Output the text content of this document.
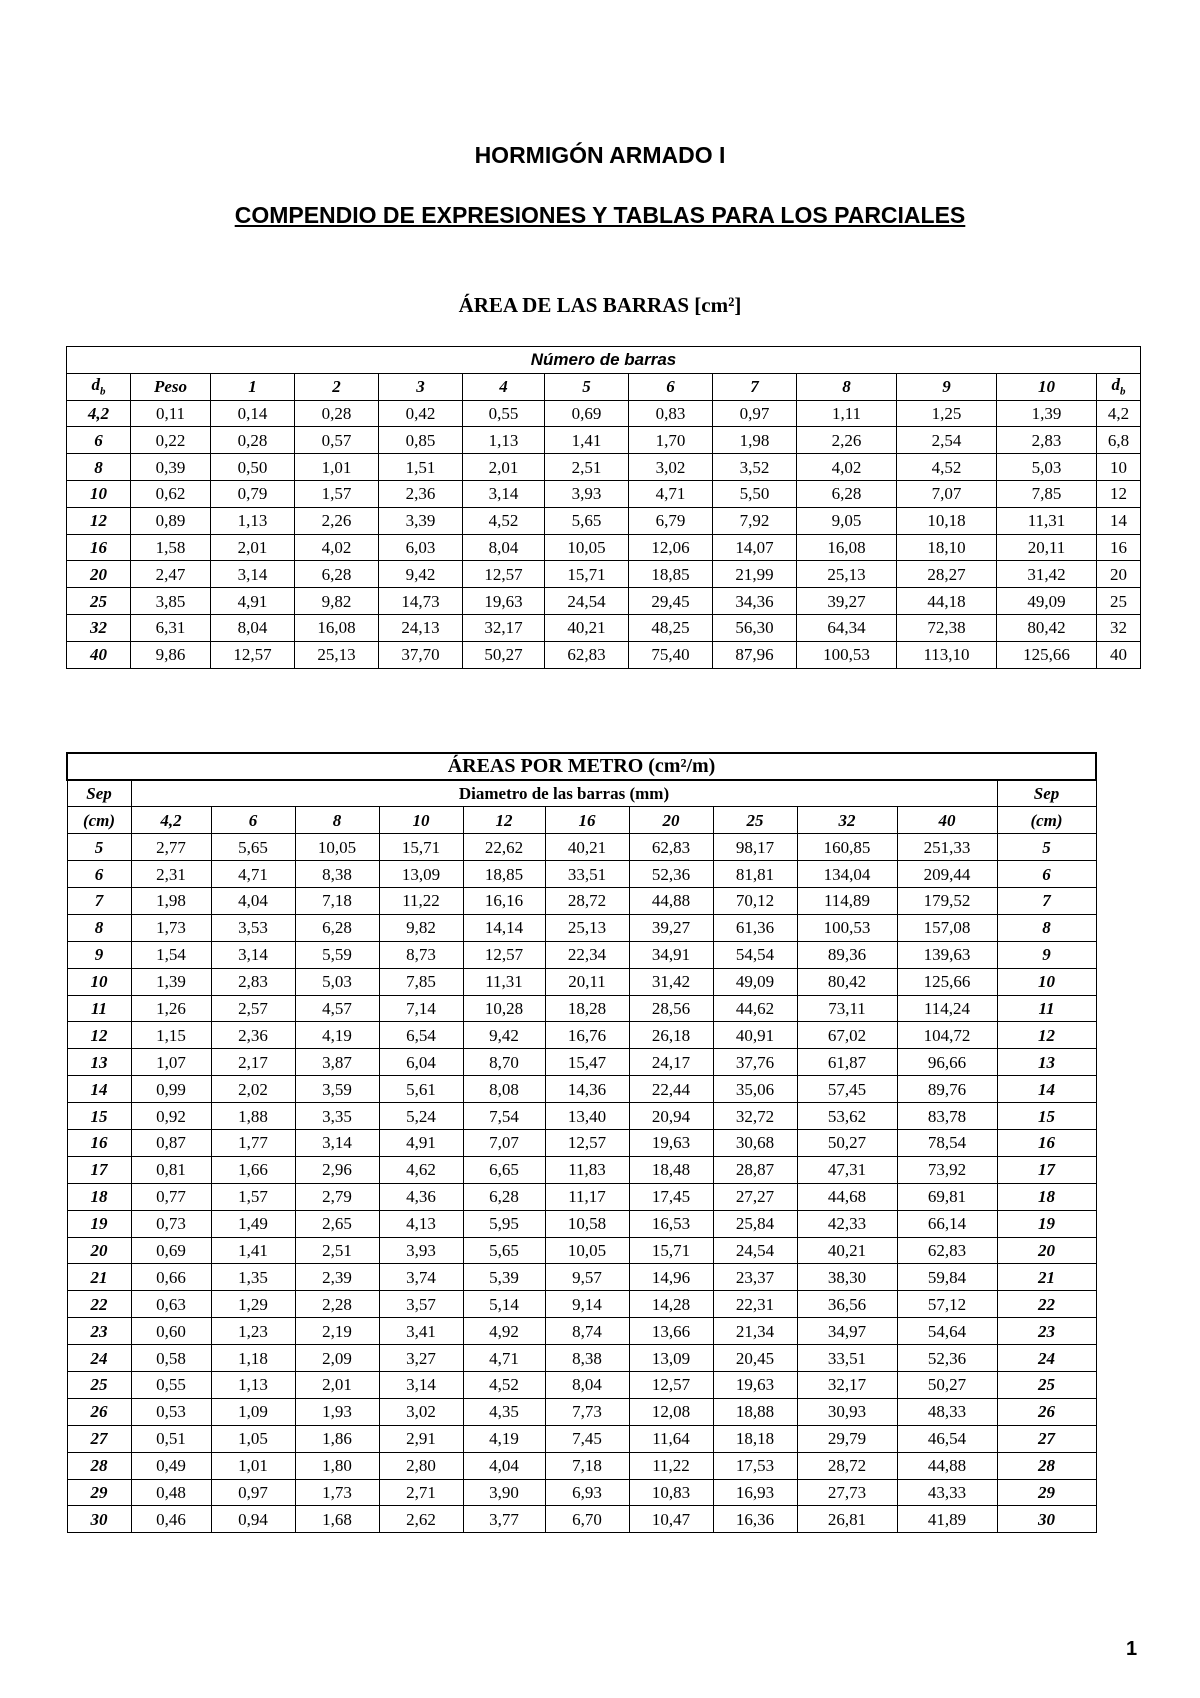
HORMIGÓN ARMADO I
COMPENDIO DE EXPRESIONES Y TABLAS PARA LOS PARCIALES
ÁREA DE LAS BARRAS [cm²]
Número de barras												
$d_b$	Peso	1	2	3	4	5	6	7	8	9	10	$d_b$
4,2	0,11	0,14	0,28	0,42	0,55	0,69	0,83	0,97	1,11	1,25	1,39	4,2
6	0,22	0,28	0,57	0,85	1,13	1,41	1,70	1,98	2,26	2,54	2,83	6,8
8	0,39	0,50	1,01	1,51	2,01	2,51	3,02	3,52	4,02	4,52	5,03	10
10	0,62	0,79	1,57	2,36	3,14	3,93	4,71	5,50	6,28	7,07	7,85	12
12	0,89	1,13	2,26	3,39	4,52	5,65	6,79	7,92	9,05	10,18	11,31	14
16	1,58	2,01	4,02	6,03	8,04	10,05	12,06	14,07	16,08	18,10	20,11	16
20	2,47	3,14	6,28	9,42	12,57	15,71	18,85	21,99	25,13	28,27	31,42	20
25	3,85	4,91	9,82	14,73	19,63	24,54	29,45	34,36	39,27	44,18	49,09	25
32	6,31	8,04	16,08	24,13	32,17	40,21	48,25	56,30	64,34	72,38	80,42	32
40	9,86	12,57	25,13	37,70	50,27	62,83	75,40	87,96	100,53	113,10	125,66	40
ÁREAS POR METRO (cm²/m)											
Sep	Diametro de las barras (mm)										Sep
(cm)	4,2	6	8	10	12	16	20	25	32	40	(cm)
5	2,77	5,65	10,05	15,71	22,62	40,21	62,83	98,17	160,85	251,33	5
6	2,31	4,71	8,38	13,09	18,85	33,51	52,36	81,81	134,04	209,44	6
7	1,98	4,04	7,18	11,22	16,16	28,72	44,88	70,12	114,89	179,52	7
8	1,73	3,53	6,28	9,82	14,14	25,13	39,27	61,36	100,53	157,08	8
9	1,54	3,14	5,59	8,73	12,57	22,34	34,91	54,54	89,36	139,63	9
10	1,39	2,83	5,03	7,85	11,31	20,11	31,42	49,09	80,42	125,66	10
11	1,26	2,57	4,57	7,14	10,28	18,28	28,56	44,62	73,11	114,24	11
12	1,15	2,36	4,19	6,54	9,42	16,76	26,18	40,91	67,02	104,72	12
13	1,07	2,17	3,87	6,04	8,70	15,47	24,17	37,76	61,87	96,66	13
14	0,99	2,02	3,59	5,61	8,08	14,36	22,44	35,06	57,45	89,76	14
15	0,92	1,88	3,35	5,24	7,54	13,40	20,94	32,72	53,62	83,78	15
16	0,87	1,77	3,14	4,91	7,07	12,57	19,63	30,68	50,27	78,54	16
17	0,81	1,66	2,96	4,62	6,65	11,83	18,48	28,87	47,31	73,92	17
18	0,77	1,57	2,79	4,36	6,28	11,17	17,45	27,27	44,68	69,81	18
19	0,73	1,49	2,65	4,13	5,95	10,58	16,53	25,84	42,33	66,14	19
20	0,69	1,41	2,51	3,93	5,65	10,05	15,71	24,54	40,21	62,83	20
21	0,66	1,35	2,39	3,74	5,39	9,57	14,96	23,37	38,30	59,84	21
22	0,63	1,29	2,28	3,57	5,14	9,14	14,28	22,31	36,56	57,12	22
23	0,60	1,23	2,19	3,41	4,92	8,74	13,66	21,34	34,97	54,64	23
24	0,58	1,18	2,09	3,27	4,71	8,38	13,09	20,45	33,51	52,36	24
25	0,55	1,13	2,01	3,14	4,52	8,04	12,57	19,63	32,17	50,27	25
26	0,53	1,09	1,93	3,02	4,35	7,73	12,08	18,88	30,93	48,33	26
27	0,51	1,05	1,86	2,91	4,19	7,45	11,64	18,18	29,79	46,54	27
28	0,49	1,01	1,80	2,80	4,04	7,18	11,22	17,53	28,72	44,88	28
29	0,48	0,97	1,73	2,71	3,90	6,93	10,83	16,93	27,73	43,33	29
30	0,46	0,94	1,68	2,62	3,77	6,70	10,47	16,36	26,81	41,89	30
1
